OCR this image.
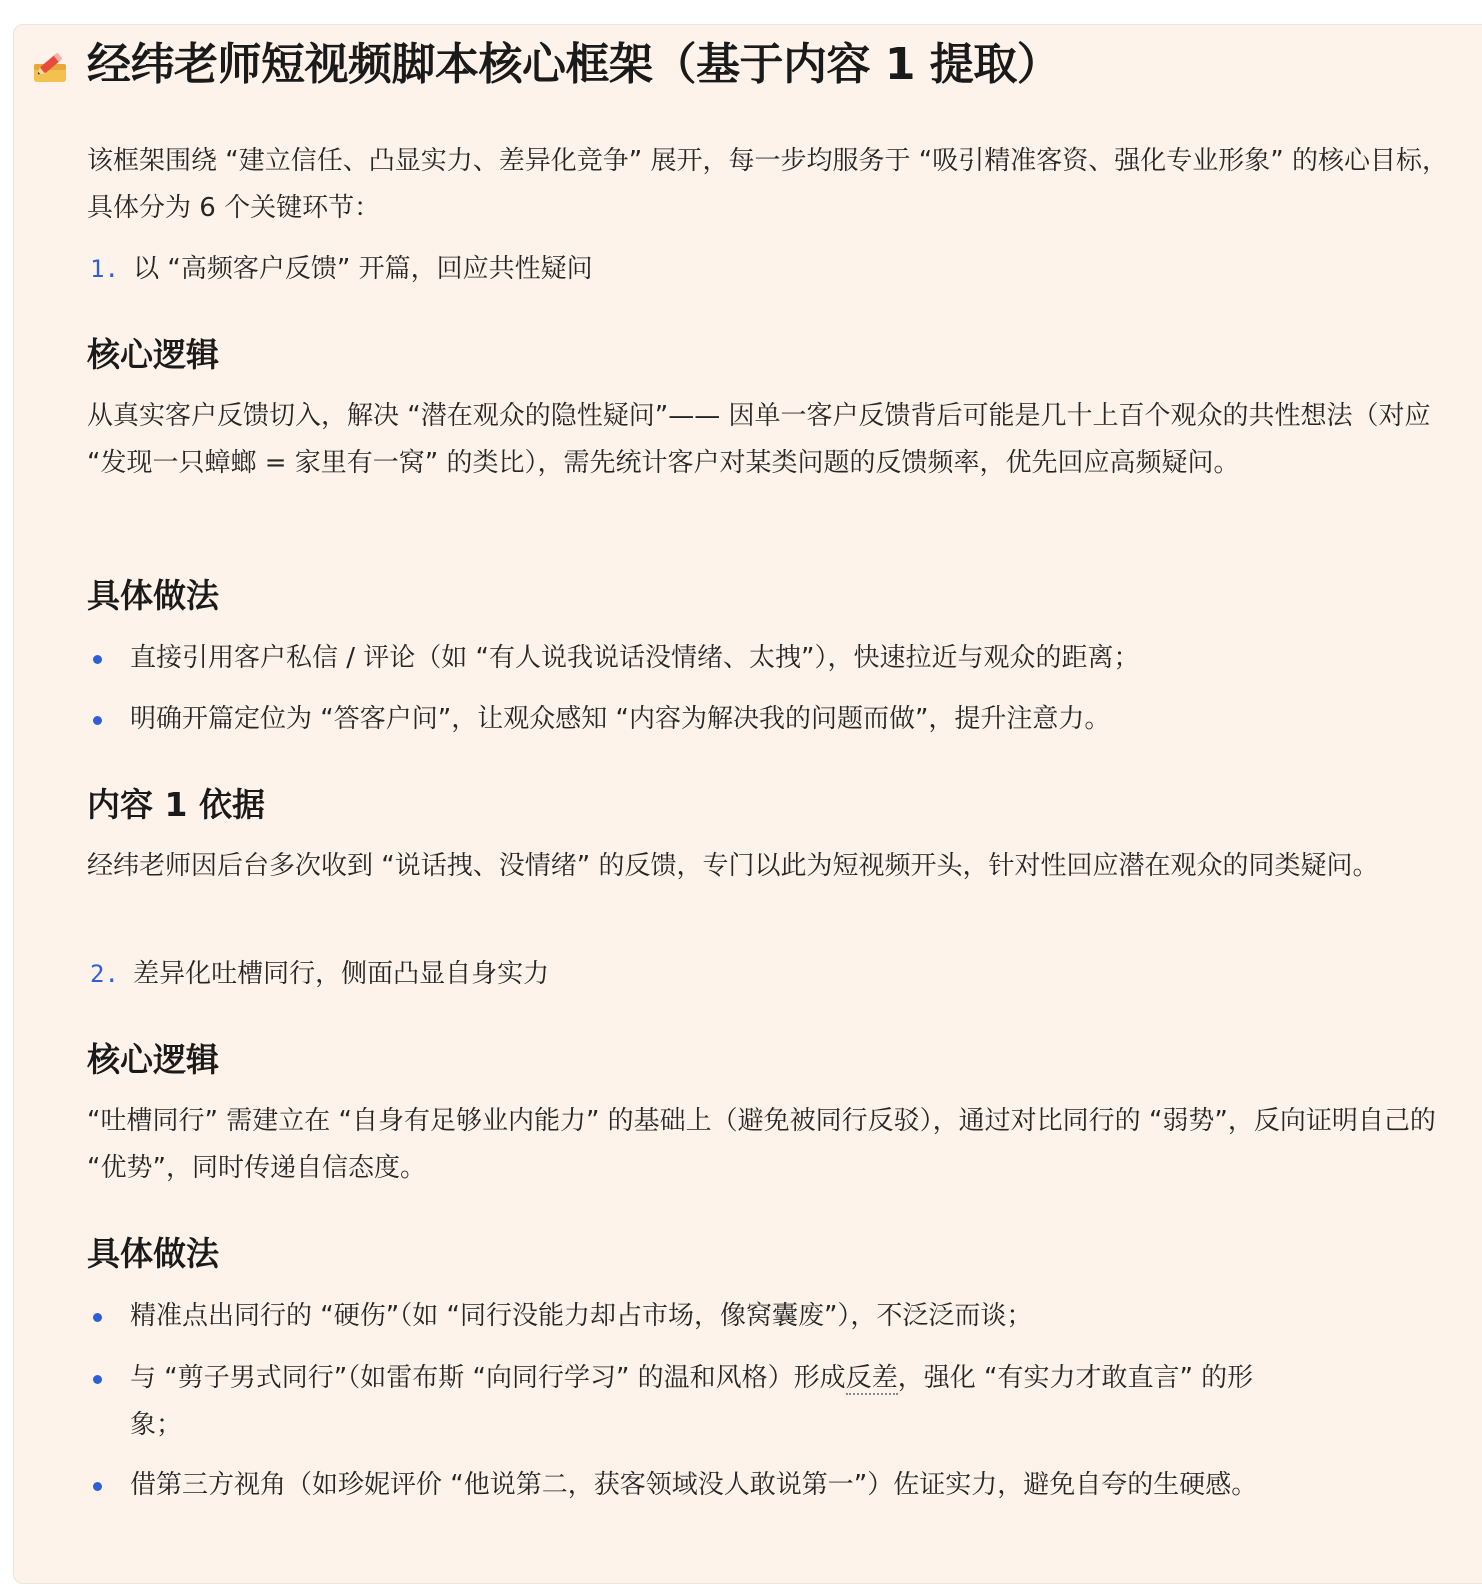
经纬老师短视频脚本核心框架（基于内容 1 提取）
该框架围绕 “建立信任、凸显实力、差异化竞争” 展开，每一步均服务于 “吸引精准客资、强化专业形象” 的核心目标，具体分为 6 个关键环节：
1. 以 “高频客户反馈” 开篇，回应共性疑问
核心逻辑
从真实客户反馈切入，解决 “潜在观众的隐性疑问”—— 因单一客户反馈背后可能是几十上百个观众的共性想法（对应 “发现一只蟑螂 = 家里有一窝” 的类比），需先统计客户对某类问题的反馈频率，优先回应高频疑问。
具体做法
直接引用客户私信 / 评论（如 “有人说我说话没情绪、太拽”），快速拉近与观众的距离；
明确开篇定位为 “答客户问”，让观众感知 “内容为解决我的问题而做”，提升注意力。
内容 1 依据
经纬老师因后台多次收到 “说话拽、没情绪” 的反馈，专门以此为短视频开头，针对性回应潜在观众的同类疑问。
2. 差异化吐槽同行，侧面凸显自身实力
核心逻辑
“吐槽同行” 需建立在 “自身有足够业内能力” 的基础上（避免被同行反驳），通过对比同行的 “弱势”，反向证明自己的 “优势”，同时传递自信态度。
具体做法
精准点出同行的 “硬伤”（如 “同行没能力却占市场，像窝囊废”），不泛泛而谈；
与 “剪子男式同行”（如雷布斯 “向同行学习” 的温和风格）形成反差，强化 “有实力才敢直言” 的形
象；
借第三方视角（如珍妮评价 “他说第二，获客领域没人敢说第一”）佐证实力，避免自夸的生硬感。
